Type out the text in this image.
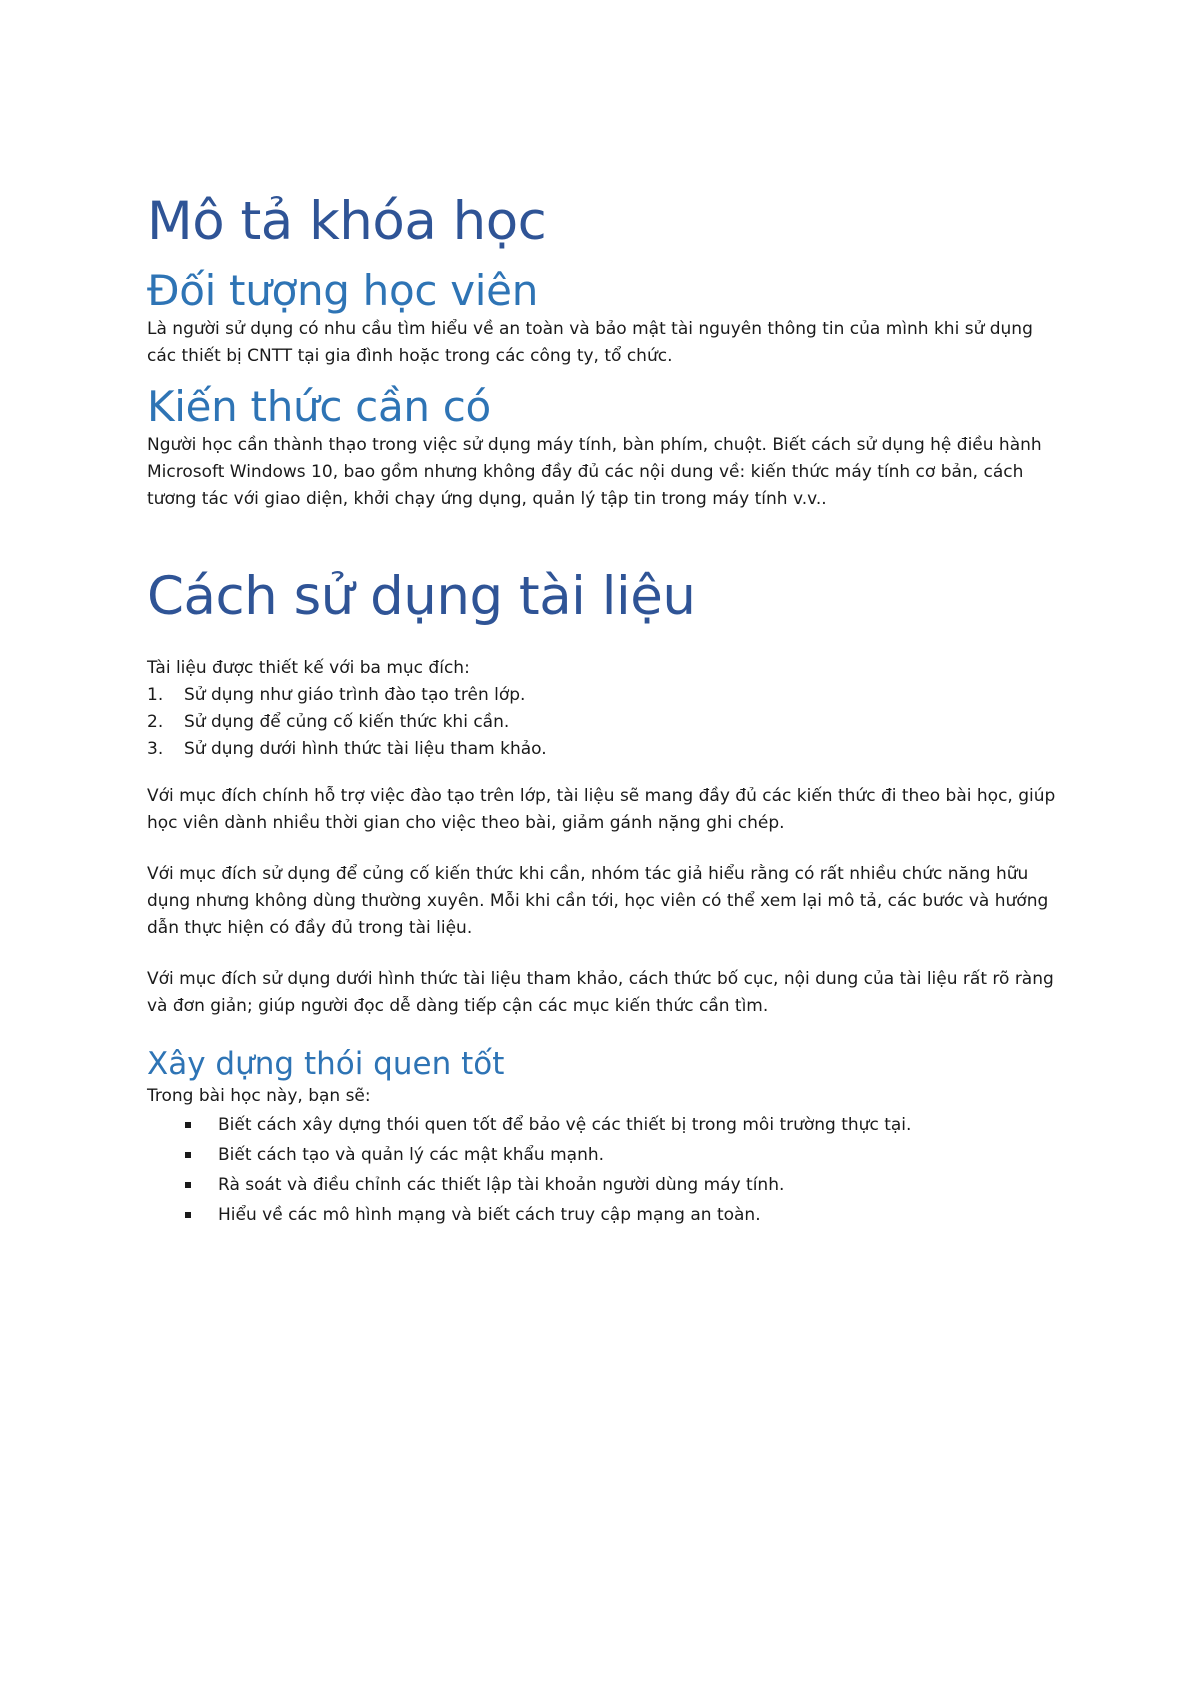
Mô tả khóa học
Đối tượng học viên

Là người sử dụng có nhu cầu tìm hiểu về an toàn và bảo mật tài nguyên thông tin của mình khi sử dụng các thiết bị CNTT tại gia đình hoặc trong các công ty, tổ chức.

Kiến thức cần có

Người học cần thành thạo trong việc sử dụng máy tính, bàn phím, chuột. Biết cách sử dụng hệ điều hành Microsoft Windows 10, bao gồm nhưng không đầy đủ các nội dung về: kiến thức máy tính cơ bản, cách tương tác với giao diện, khởi chạy ứng dụng, quản lý tập tin trong máy tính v.v..

Cách sử dụng tài liệu

Tài liệu được thiết kế với ba mục đích:

1. Sử dụng như giáo trình đào tạo trên lớp.
2. Sử dụng để củng cố kiến thức khi cần.
3. Sử dụng dưới hình thức tài liệu tham khảo.

Với mục đích chính hỗ trợ việc đào tạo trên lớp, tài liệu sẽ mang đầy đủ các kiến thức đi theo bài học, giúp học viên dành nhiều thời gian cho việc theo bài, giảm gánh nặng ghi chép.

Với mục đích sử dụng để củng cố kiến thức khi cần, nhóm tác giả hiểu rằng có rất nhiều chức năng hữu dụng nhưng không dùng thường xuyên. Mỗi khi cần tới, học viên có thể xem lại mô tả, các bước và hướng dẫn thực hiện có đầy đủ trong tài liệu.

Với mục đích sử dụng dưới hình thức tài liệu tham khảo, cách thức bố cục, nội dung của tài liệu rất rõ ràng và đơn giản; giúp người đọc dễ dàng tiếp cận các mục kiến thức cần tìm.

Xây dựng thói quen tốt

Trong bài học này, bạn sẽ:

Biết cách xây dựng thói quen tốt để bảo vệ các thiết bị trong môi trường thực tại.
Biết cách tạo và quản lý các mật khẩu mạnh.
Rà soát và điều chỉnh các thiết lập tài khoản người dùng máy tính.
Hiểu về các mô hình mạng và biết cách truy cập mạng an toàn.
